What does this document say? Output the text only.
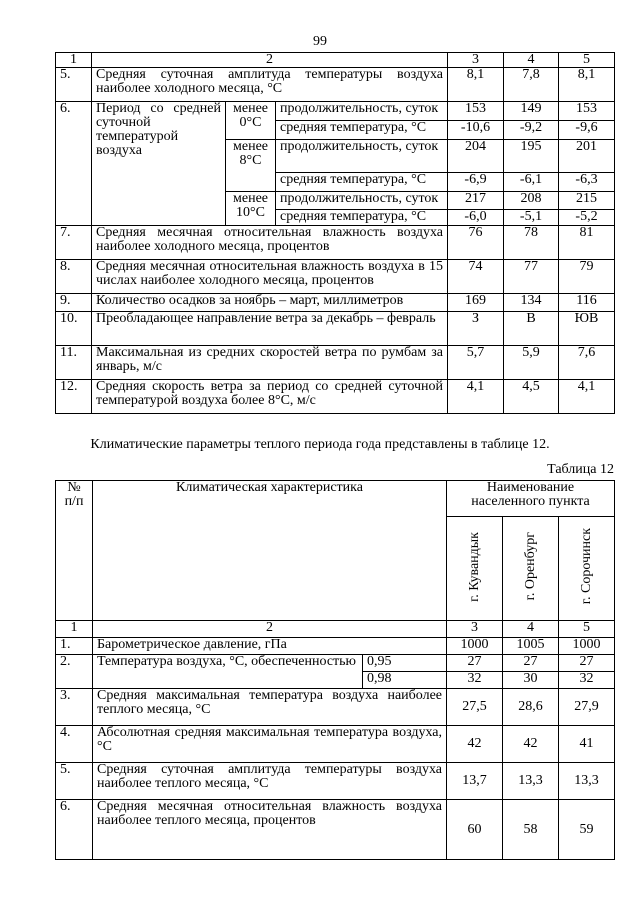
99
1	2			3	4	5
5.	Средняя суточная амплитуда температуры воздуха наиболее холодного месяца, °С			8,1	7,8	8,1
6.	Период со средней суточной температурой воздуха	менее 0°С	продолжительность, суток	153	149	153
			средняя температура, °С	-10,6	-9,2	-9,6
		менее 8°С	продолжительность, суток	204	195	201
			средняя температура, °С	-6,9	-6,1	-6,3
		менее 10°С	продолжительность, суток	217	208	215
			средняя температура, °С	-6,0	-5,1	-5,2
7.	Средняя месячная относительная влажность воздуха наиболее холодного месяца, процентов			76	78	81
8.	Средняя месячная относительная влажность воздуха в 15 числах наиболее холодного месяца, процентов			74	77	79
9.	Количество осадков за ноябрь – март, миллиметров			169	134	116
10.	Преобладающее направление ветра за декабрь – февраль			З	В	ЮВ
11.	Максимальная из средних скоростей ветра по румбам за январь, м/с			5,7	5,9	7,6
12.	Средняя скорость ветра за период со средней суточной температурой воздуха более 8°С, м/с			4,1	4,5	4,1
Климатические параметры теплого периода года представлены в таблице 12.
Таблица 12
№ п/п	Климатическая характеристика		Наименование населенного пункта		
			г. Кувандык	г. Оренбург	г. Сорочинск
1	2		3	4	5
1.	Барометрическое давление, гПа		1000	1005	1000
2.	Температура воздуха, °С, обеспеченностью	0,95	27	27	27
		0,98	32	30	32
3.	Средняя максимальная температура воздуха наиболее теплого месяца, °С		27,5	28,6	27,9
4.	Абсолютная средняя максимальная температура воздуха, °С		42	42	41
5.	Средняя суточная амплитуда температуры воздуха наиболее теплого месяца, °С		13,7	13,3	13,3
6.	Средняя месячная относительная влажность воздуха наиболее теплого месяца, процентов		60	58	59
